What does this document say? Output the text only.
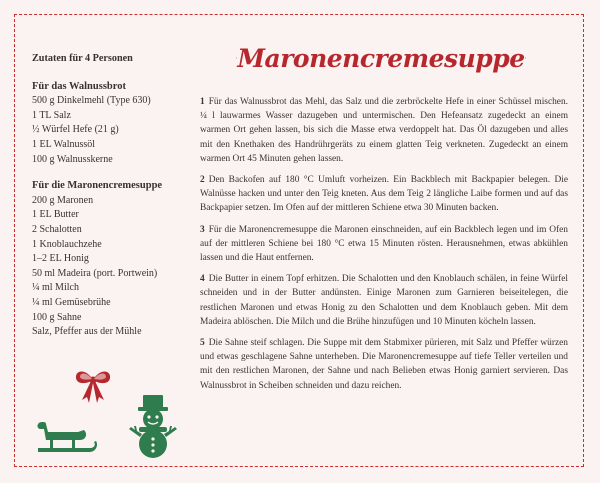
Maronencremesuppe
Zutaten für 4 Personen
Für das Walnussbrot
500 g Dinkelmehl (Type 630)
1 TL Salz
½ Würfel Hefe (21 g)
1 EL Walnussöl
100 g Walnusskerne
Für die Maronencremesuppe
200 g Maronen
1 EL Butter
2 Schalotten
1 Knoblauchzehe
1–2 EL Honig
50 ml Madeira (port. Portwein)
¼ ml Milch
¼ ml Gemüsebrühe
100 g Sahne
Salz, Pfeffer aus der Mühle
1 Für das Walnussbrot das Mehl, das Salz und die zerbröckelte Hefe in einer Schüssel mischen. ¼ l lauwarmes Wasser dazugeben und untermischen. Den Hefeansatz zugedeckt an einem warmen Ort gehen lassen, bis sich die Masse etwa verdoppelt hat. Das Öl dazugeben und alles mit den Knethaken des Handrührgeräts zu einem glatten Teig verkneten. Zugedeckt an einem warmen Ort 45 Minuten gehen lassen.
2 Den Backofen auf 180 °C Umluft vorheizen. Ein Backblech mit Backpapier belegen. Die Walnüsse hacken und unter den Teig kneten. Aus dem Teig 2 längliche Laibe formen und auf das Backpapier setzen. Im Ofen auf der mittleren Schiene etwa 30 Minuten backen.
3 Für die Maronencremesuppe die Maronen einschneiden, auf ein Backblech legen und im Ofen auf der mittleren Schiene bei 180 °C etwa 15 Minuten rösten. Herausnehmen, etwas abkühlen lassen und die Haut entfernen.
4 Die Butter in einem Topf erhitzen. Die Schalotten und den Knoblauch schälen, in feine Würfel schneiden und in der Butter andünsten. Einige Maronen zum Garnieren beiseitelegen, die restlichen Maronen und etwas Honig zu den Schalotten und dem Knoblauch geben. Mit dem Madeira ablöschen. Die Milch und die Brühe hinzufügen und 10 Minuten köcheln lassen.
5 Die Sahne steif schlagen. Die Suppe mit dem Stabmixer pürieren, mit Salz und Pfeffer würzen und etwas geschlagene Sahne unterheben. Die Maronencremesuppe auf tiefe Teller verteilen und mit den restlichen Maronen, der Sahne und nach Belieben etwas Honig garniert servieren. Das Walnussbrot in Scheiben schneiden und dazu reichen.
